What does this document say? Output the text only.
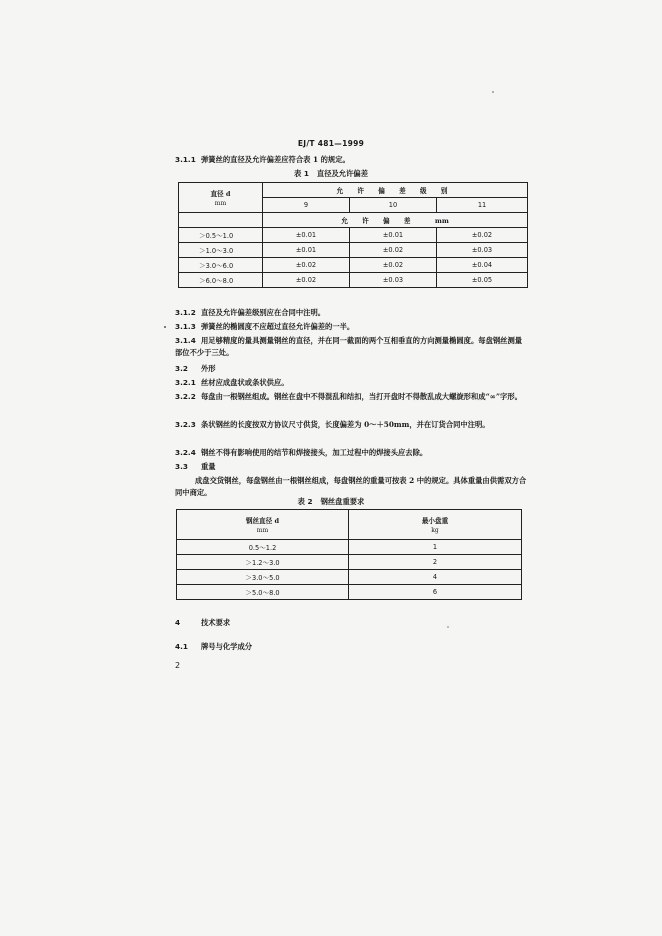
EJ/T 481—1999
3.1.1 弹簧丝的直径及允许偏差应符合表 1 的规定。
表 1 直径及允许偏差
直径 d
mm	允 许 偏 差 级 别		
	9	10	11
	允 许 偏 差 mm		
＞0.5～1.0	±0.01	±0.01	±0.02
＞1.0～3.0	±0.01	±0.02	±0.03
＞3.0～6.0	±0.02	±0.02	±0.04
＞6.0～8.0	±0.02	±0.03	±0.05
3.1.2 直径及允许偏差级别应在合同中注明。
3.1.3 弹簧丝的椭圆度不应超过直径允许偏差的一半。
3.1.4 用足够精度的量具测量钢丝的直径，并在同一截面的两个互相垂直的方向测量椭圆度。每盘钢丝测量部位不少于三处。
3.2 外形
3.2.1 丝材应成盘状或条状供应。
3.2.2 每盘由一根钢丝组成。钢丝在盘中不得混乱和结扣，当打开盘时不得散乱成大螺旋形和成“∞”字形。
3.2.3 条状钢丝的长度按双方协议尺寸供货，长度偏差为 0～＋50mm，并在订货合同中注明。
3.2.4 钢丝不得有影响使用的结节和焊接接头，加工过程中的焊接头应去除。
3.3 重量
成盘交货钢丝，每盘钢丝由一根钢丝组成，每盘钢丝的重量可按表 2 中的规定。具体重量由供需双方合同中商定。
表 2 钢丝盘重要求
钢丝直径 d
mm	最小盘重
kg

0.5～1.2	1
＞1.2～3.0	2
＞3.0～5.0	4
＞5.0～8.0	6
4	技术要求
4.1 牌号与化学成分
2
